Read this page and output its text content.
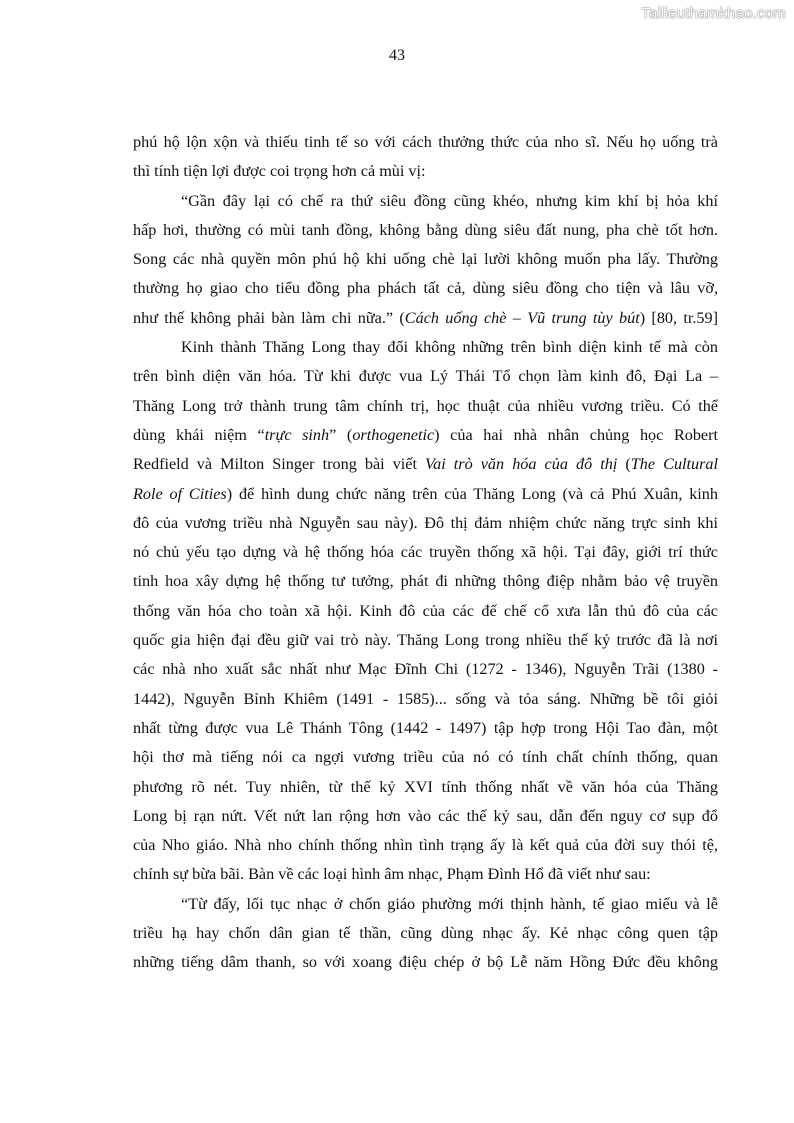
Tailieuthamkhao.com
43

phú hộ lộn xộn và thiếu tinh tế so với cách thưởng thức của nho sĩ. Nếu họ uống trà

thì tính tiện lợi được coi trọng hơn cả mùi vị:

“Gần đây lại có chế ra thứ siêu đồng cũng khéo, nhưng kim khí bị hỏa khí

hấp hơi, thường có mùi tanh đồng, không bằng dùng siêu đất nung, pha chè tốt hơn.

Song các nhà quyền môn phú hộ khi uống chè lại lười không muốn pha lấy. Thường

thường họ giao cho tiểu đồng pha phách tất cả, dùng siêu đồng cho tiện và lâu vỡ,

như thế không phải bàn làm chi nữa.” (Cách uống chè – Vũ trung tùy bút) [80, tr.59]

Kinh thành Thăng Long thay đổi không những trên bình diện kinh tế mà còn

trên bình diện văn hóa. Từ khi được vua Lý Thái Tổ chọn làm kinh đô, Đại La –

Thăng Long trở thành trung tâm chính trị, học thuật của nhiều vương triều. Có thể

dùng khái niệm “trực sinh” (orthogenetic) của hai nhà nhân chủng học Robert

Redfield và Milton Singer trong bài viết Vai trò văn hóa của đô thị (The Cultural

Role of Cities) để hình dung chức năng trên của Thăng Long (và cả Phú Xuân, kinh

đô của vương triều nhà Nguyễn sau này). Đô thị đảm nhiệm chức năng trực sinh khi

nó chủ yếu tạo dựng và hệ thống hóa các truyền thống xã hội. Tại đây, giới trí thức

tinh hoa xây dựng hệ thống tư tưởng, phát đi những thông điệp nhằm bảo vệ truyền

thống văn hóa cho toàn xã hội. Kinh đô của các đế chế cổ xưa lẫn thủ đô của các

quốc gia hiện đại đều giữ vai trò này. Thăng Long trong nhiều thế kỷ trước đã là nơi

các nhà nho xuất sắc nhất như Mạc Đĩnh Chi (1272 - 1346), Nguyễn Trãi (1380 -

1442), Nguyễn Bỉnh Khiêm (1491 - 1585)... sống và tỏa sáng. Những bề tôi giỏi

nhất từng được vua Lê Thánh Tông (1442 - 1497) tập hợp trong Hội Tao đàn, một

hội thơ mà tiếng nói ca ngợi vương triều của nó có tính chất chính thống, quan

phương rõ nét. Tuy nhiên, từ thế kỷ XVI tính thống nhất về văn hóa của Thăng

Long bị rạn nứt. Vết nứt lan rộng hơn vào các thế kỷ sau, dẫn đến nguy cơ sụp đổ

của Nho giáo. Nhà nho chính thống nhìn tình trạng ấy là kết quả của đời suy thói tệ,

chính sự bừa bãi. Bàn về các loại hình âm nhạc, Phạm Đình Hổ đã viết như sau:

“Từ đấy, lối tục nhạc ở chốn giáo phường mới thịnh hành, tế giao miếu và lễ

triều hạ hay chốn dân gian tế thần, cũng dùng nhạc ấy. Kẻ nhạc công quen tập

những tiếng dâm thanh, so với xoang điệu chép ở bộ Lễ năm Hồng Đức đều không
